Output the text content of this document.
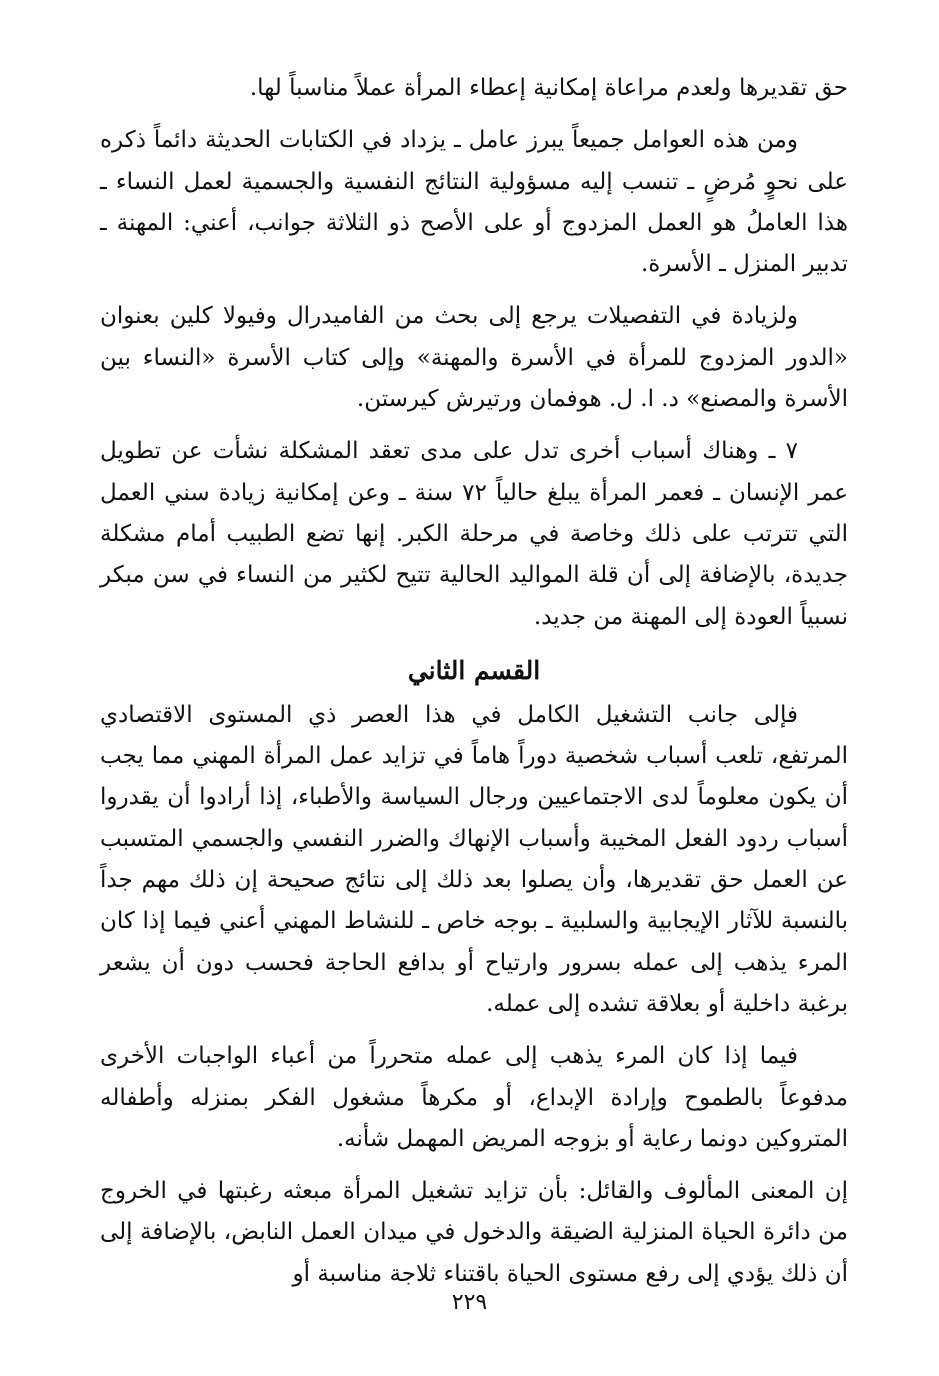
حق تقديرها ولعدم مراعاة إمكانية إعطاء المرأة عملاً مناسباً لها.

ومن هذه العوامل جميعاً يبرز عامل ـ يزداد في الكتابات الحديثة دائماً ذكره على نحوٍ مُرضٍ ـ تنسب إليه مسؤولية النتائج النفسية والجسمية لعمل النساء ـ هذا العاملُ هو العمل المزدوج أو على الأصح ذو الثلاثة جوانب، أعني: المهنة ـ تدبير المنزل ـ الأسرة.

ولزيادة في التفصيلات يرجع إلى بحث من الفاميدرال وفيولا كلين بعنوان «الدور المزدوج للمرأة في الأسرة والمهنة» وإلى كتاب الأسرة «النساء بين الأسرة والمصنع» د. ا. ل. هوفمان ورتيرش كيرستن.

٧ ـ وهناك أسباب أخرى تدل على مدى تعقد المشكلة نشأت عن تطويل عمر الإنسان ـ فعمر المرأة يبلغ حالياً ٧٢ سنة ـ وعن إمكانية زيادة سني العمل التي تترتب على ذلك وخاصة في مرحلة الكبر. إنها تضع الطبيب أمام مشكلة جديدة، بالإضافة إلى أن قلة المواليد الحالية تتيح لكثير من النساء في سن مبكر نسبياً العودة إلى المهنة من جديد.

القسم الثاني

فإلى جانب التشغيل الكامل في هذا العصر ذي المستوى الاقتصادي المرتفع، تلعب أسباب شخصية دوراً هاماً في تزايد عمل المرأة المهني مما يجب أن يكون معلوماً لدى الاجتماعيين ورجال السياسة والأطباء، إذا أرادوا أن يقدروا أسباب ردود الفعل المخيبة وأسباب الإنهاك والضرر النفسي والجسمي المتسبب عن العمل حق تقديرها، وأن يصلوا بعد ذلك إلى نتائج صحيحة إن ذلك مهم جداً بالنسبة للآثار الإيجابية والسلبية ـ بوجه خاص ـ للنشاط المهني أعني فيما إذا كان المرء يذهب إلى عمله بسرور وارتياح أو بدافع الحاجة فحسب دون أن يشعر برغبة داخلية أو بعلاقة تشده إلى عمله.

فيما إذا كان المرء يذهب إلى عمله متحرراً من أعباء الواجبات الأخرى مدفوعاً بالطموح وإرادة الإبداع، أو مكرهاً مشغول الفكر بمنزله وأطفاله المتروكين دونما رعاية أو بزوجه المريض المهمل شأنه.

إن المعنى المألوف والقائل: بأن تزايد تشغيل المرأة مبعثه رغبتها في الخروج من دائرة الحياة المنزلية الضيقة والدخول في ميدان العمل النابض، بالإضافة إلى أن ذلك يؤدي إلى رفع مستوى الحياة باقتناء ثلاجة مناسبة أو

٢٢٩
